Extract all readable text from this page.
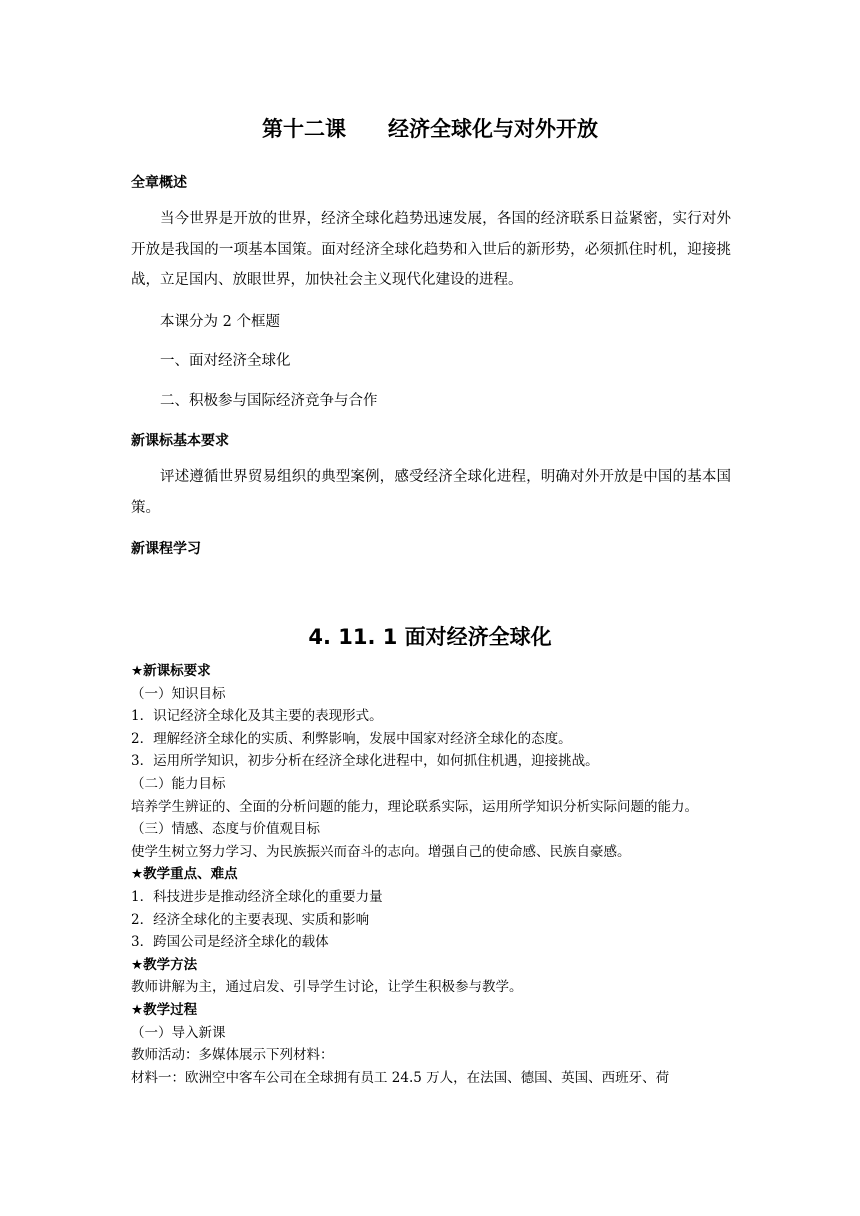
第十二课　　经济全球化与对外开放
全章概述

当今世界是开放的世界，经济全球化趋势迅速发展，各国的经济联系日益紧密，实行对外开放是我国的一项基本国策。面对经济全球化趋势和入世后的新形势，必须抓住时机，迎接挑战，立足国内、放眼世界，加快社会主义现代化建设的进程。

本课分为 2 个框题
一、面对经济全球化
二、积极参与国际经济竞争与合作
新课标基本要求

评述遵循世界贸易组织的典型案例，感受经济全球化进程，明确对外开放是中国的基本国策。

新课程学习
4. 11. 1 面对经济全球化
★新课标要求
（一）知识目标
1．识记经济全球化及其主要的表现形式。
2．理解经济全球化的实质、利弊影响，发展中国家对经济全球化的态度。
3．运用所学知识，初步分析在经济全球化进程中，如何抓住机遇，迎接挑战。
（二）能力目标
培养学生辨证的、全面的分析问题的能力，理论联系实际，运用所学知识分析实际问题的能力。
（三）情感、态度与价值观目标
使学生树立努力学习、为民族振兴而奋斗的志向。增强自己的使命感、民族自豪感。
★教学重点、难点
1．科技进步是推动经济全球化的重要力量
2．经济全球化的主要表现、实质和影响
3．跨国公司是经济全球化的载体
★教学方法
教师讲解为主，通过启发、引导学生讨论，让学生积极参与教学。
★教学过程
（一）导入新课
教师活动：多媒体展示下列材料：
材料一：欧洲空中客车公司在全球拥有员工 24.5 万人，在法国、德国、英国、西班牙、荷
